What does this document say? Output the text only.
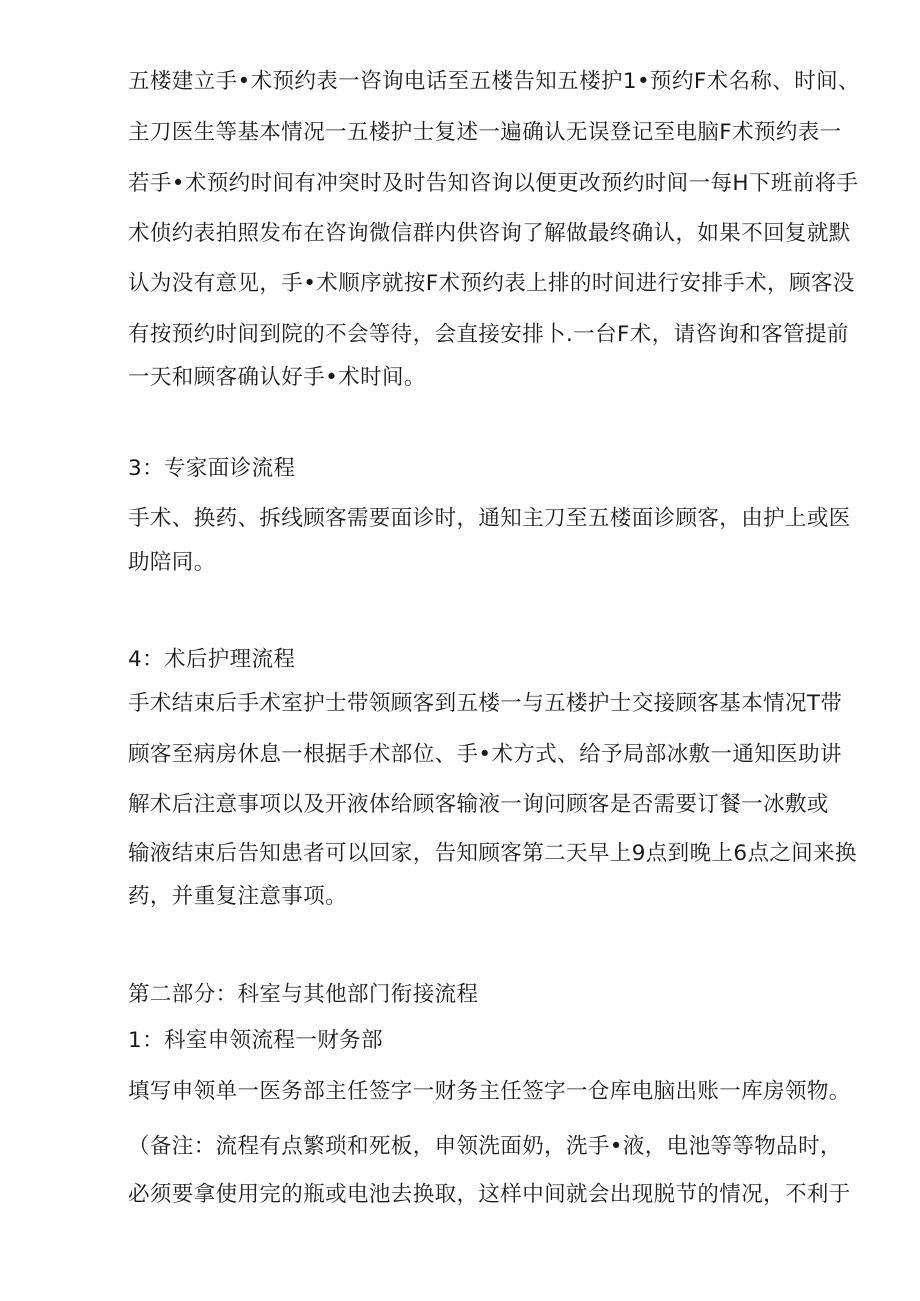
五楼建立手•术预约表一咨询电话至五楼告知五楼护1•预约F术名称、时间、
主刀医生等基本情况一五楼护士复述一遍确认无误登记至电脑F术预约表一
若手•术预约时间有冲突时及时告知咨询以便更改预约时间一每H下班前将手
术侦约表拍照发布在咨询微信群内供咨询了解做最终确认，如果不回复就默
认为没有意见，手•术顺序就按F术预约表上排的时间进行安排手术，顾客没
有按预约时间到院的不会等待，会直接安排卜.一台F术，请咨询和客管提前
一天和顾客确认好手•术时间。
3：专家面诊流程
手术、换药、拆线顾客需要面诊时，通知主刀至五楼面诊顾客，由护上或医
助陪同。
4：术后护理流程
手术结束后手术室护士带领顾客到五楼一与五楼护士交接顾客基本情况T带
顾客至病房休息一根据手术部位、手•术方式、给予局部冰敷一通知医助讲
解术后注意事项以及开液体给顾客输液一询问顾客是否需要订餐一冰敷或
输液结束后告知患者可以回家，告知顾客第二天早上9点到晚上6点之间来换
药，并重复注意事项。
第二部分：科室与其他部门衔接流程
1：科室申领流程一财务部
填写申领单一医务部主任签字一财务主任签字一仓库电脑出账一库房领物。
（备注：流程有点繁琐和死板，申领洗面奶，洗手•液，电池等等物品时，
必须要拿使用完的瓶或电池去换取，这样中间就会出现脱节的情况，不利于
